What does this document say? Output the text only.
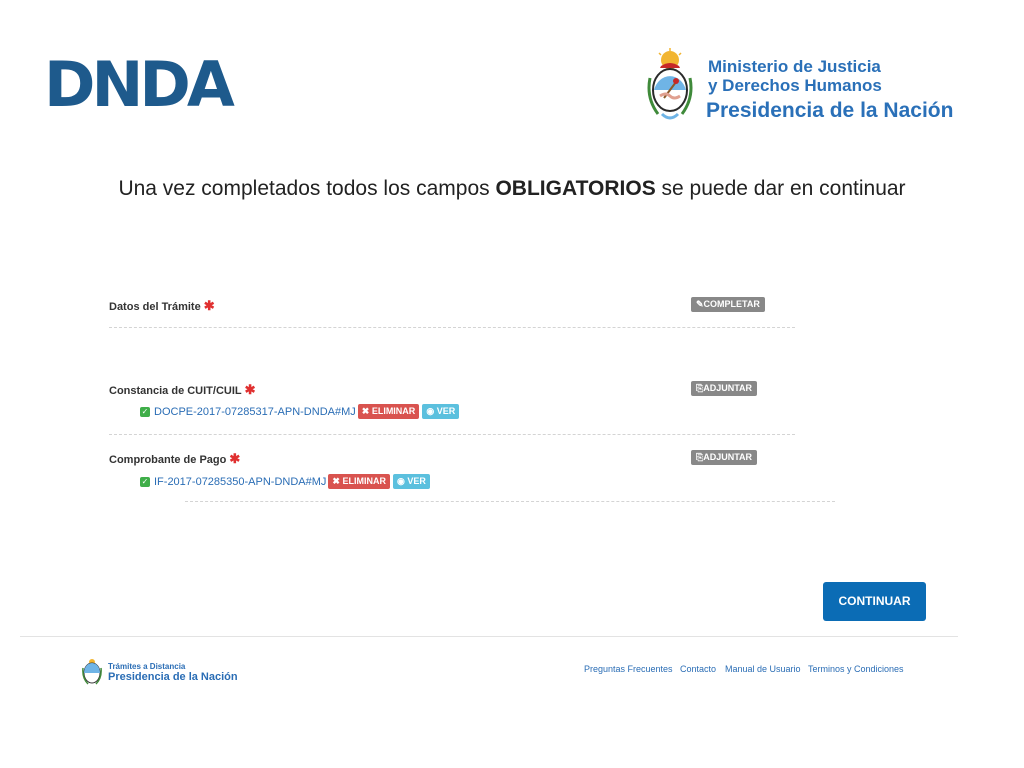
DNDA	Ministerio de Justicia
y Derechos Humanos
Presidencia de la Nación
Una vez completados todos los campos OBLIGATORIOS se puede dar en continuar
Datos del Trámite ✱	✎COMPLETAR
Constancia de CUIT/CUIL ✱	⎘ADJUNTAR
✓ DOCPE-2017-07285317-APN-DNDA#MJ ✖ ELIMINAR ◉ VER
Comprobante de Pago ✱	⎘ADJUNTAR
✓ IF-2017-07285350-APN-DNDA#MJ ✖ ELIMINAR ◉ VER
CONTINUAR
Trámites a Distancia
Presidencia de la Nación
Preguntas Frecuentes Contacto Manual de Usuario Terminos y Condiciones
